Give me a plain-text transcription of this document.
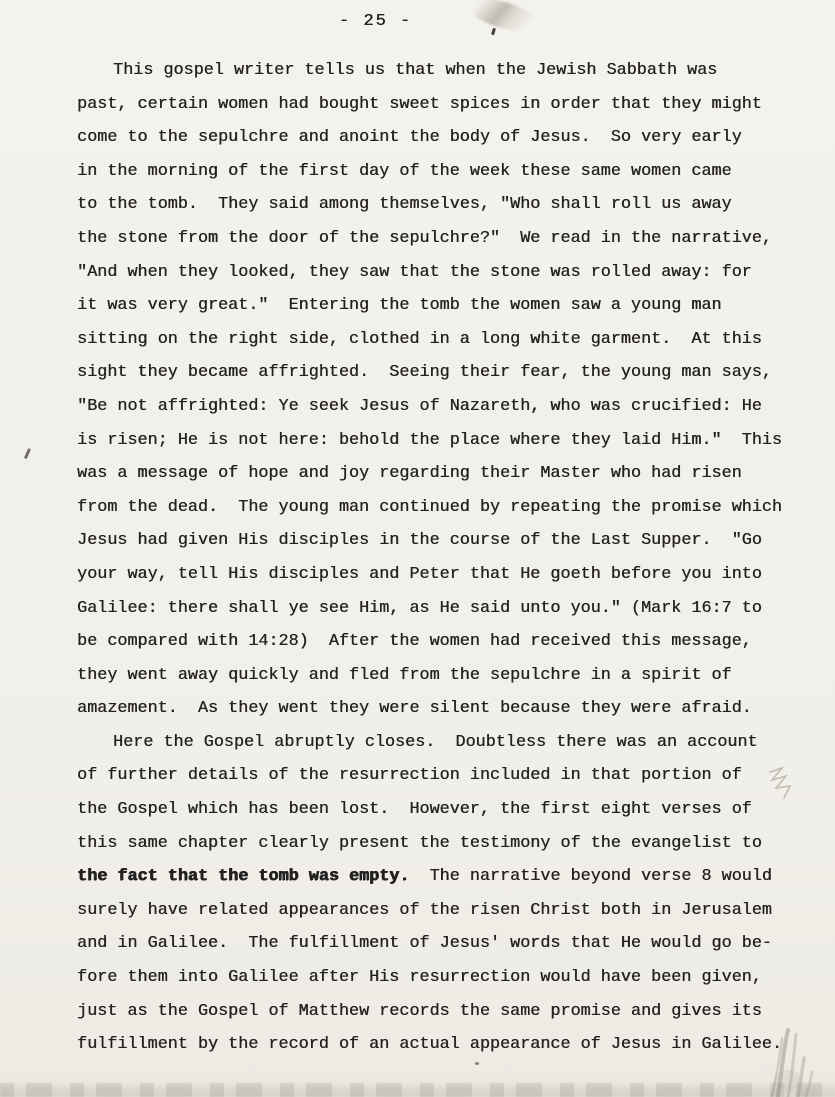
- 25 -
This gospel writer tells us that when the Jewish Sabbath was
past, certain women had bought sweet spices in order that they might
come to the sepulchre and anoint the body of Jesus.  So very early
in the morning of the first day of the week these same women came
to the tomb.  They said among themselves, "Who shall roll us away
the stone from the door of the sepulchre?"  We read in the narrative,
"And when they looked, they saw that the stone was rolled away: for
it was very great."  Entering the tomb the women saw a young man
sitting on the right side, clothed in a long white garment.  At this
sight they became affrighted.  Seeing their fear, the young man says,
"Be not affrighted: Ye seek Jesus of Nazareth, who was crucified: He
is risen; He is not here: behold the place where they laid Him."  This
was a message of hope and joy regarding their Master who had risen
from the dead.  The young man continued by repeating the promise which
Jesus had given His disciples in the course of the Last Supper.  "Go
your way, tell His disciples and Peter that He goeth before you into
Galilee: there shall ye see Him, as He said unto you." (Mark 16:7 to
be compared with 14:28)  After the women had received this message,
they went away quickly and fled from the sepulchre in a spirit of
amazement.  As they went they were silent because they were afraid.
Here the Gospel abruptly closes.  Doubtless there was an account
of further details of the resurrection included in that portion of
the Gospel which has been lost.  However, the first eight verses of
this same chapter clearly present the testimony of the evangelist to
the fact that the tomb was empty.  The narrative beyond verse 8 would
surely have related appearances of the risen Christ both in Jerusalem
and in Galilee.  The fulfillment of Jesus' words that He would go be-
fore them into Galilee after His resurrection would have been given,
just as the Gospel of Matthew records the same promise and gives its
fulfillment by the record of an actual appearance of Jesus in Galilee.
